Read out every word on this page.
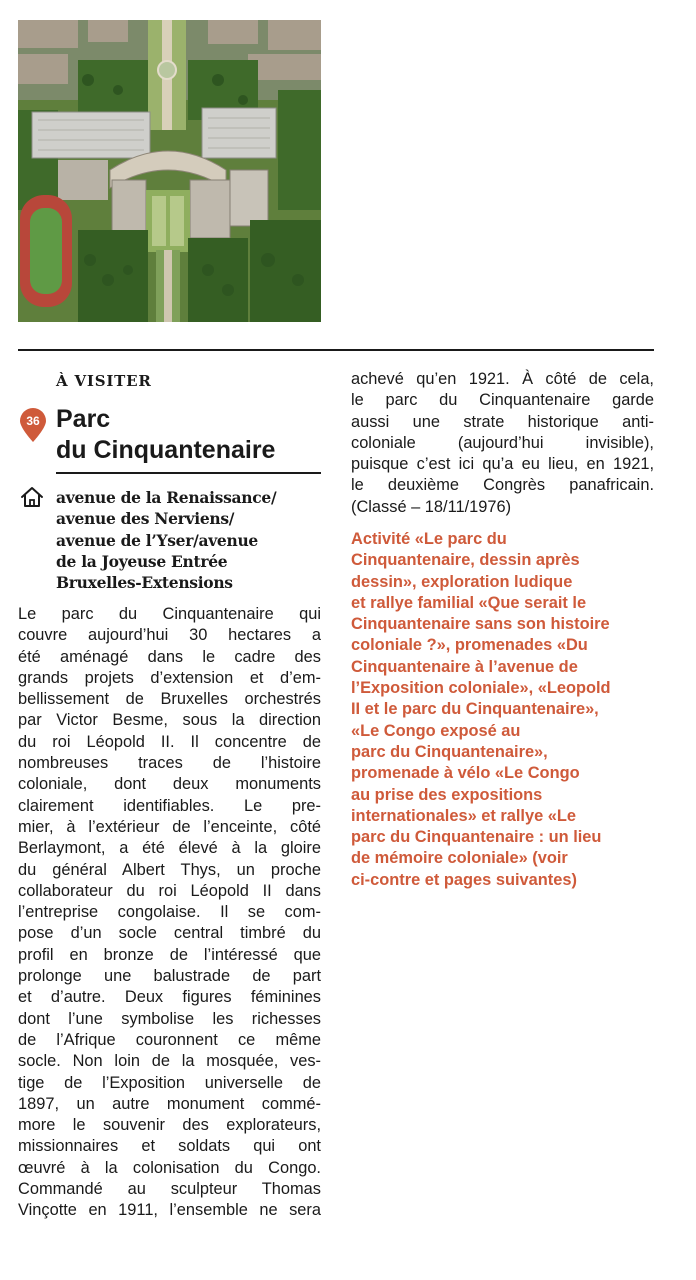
À VISITER
36 Parc
du Cinquantenaire
avenue de la Renaissance/
avenue des Nerviens/
avenue de l’Yser/avenue
de la Joyeuse Entrée
Bruxelles-Extensions
Le parc du Cinquantenaire qui
couvre aujourd’hui 30 hectares a
été aménagé dans le cadre des
grands projets d’extension et d’em-
bellissement de Bruxelles orchestrés
par Victor Besme, sous la direction
du roi Léopold II. Il concentre de
nombreuses traces de l’histoire
coloniale, dont deux monuments
clairement identifiables. Le pre-
mier, à l’extérieur de l’enceinte, côté
Berlaymont, a été élevé à la gloire
du général Albert Thys, un proche
collaborateur du roi Léopold II dans
l’entreprise congolaise. Il se com-
pose d’un socle central timbré du
profil en bronze de l’intéressé que
prolonge une balustrade de part
et d’autre. Deux figures féminines
dont l’une symbolise les richesses
de l’Afrique couronnent ce même
socle. Non loin de la mosquée, ves-
tige de l’Exposition universelle de
1897, un autre monument commé-
more le souvenir des explorateurs,
missionnaires et soldats qui ont
œuvré à la colonisation du Congo.
Commandé au sculpteur Thomas
Vinçotte en 1911, l’ensemble ne sera
achevé qu’en 1921. À côté de cela,
le parc du Cinquantenaire garde
aussi une strate historique anti-
coloniale (aujourd’hui invisible),
puisque c’est ici qu’a eu lieu, en 1921,
le deuxième Congrès panafricain.
(Classé – 18/11/1976)
Activité «Le parc du
Cinquantenaire, dessin après
dessin», exploration ludique
et rallye familial «Que serait le
Cinquantenaire sans son histoire
coloniale ?», promenades «Du
Cinquantenaire à l’avenue de
l’Exposition coloniale», «Leopold
II et le parc du Cinquantenaire»,
«Le Congo exposé au
parc du Cinquantenaire»,
promenade à vélo «Le Congo
au prise des expositions
internationales» et rallye «Le
parc du Cinquantenaire : un lieu
de mémoire coloniale» (voir
ci-contre et pages suivantes)
